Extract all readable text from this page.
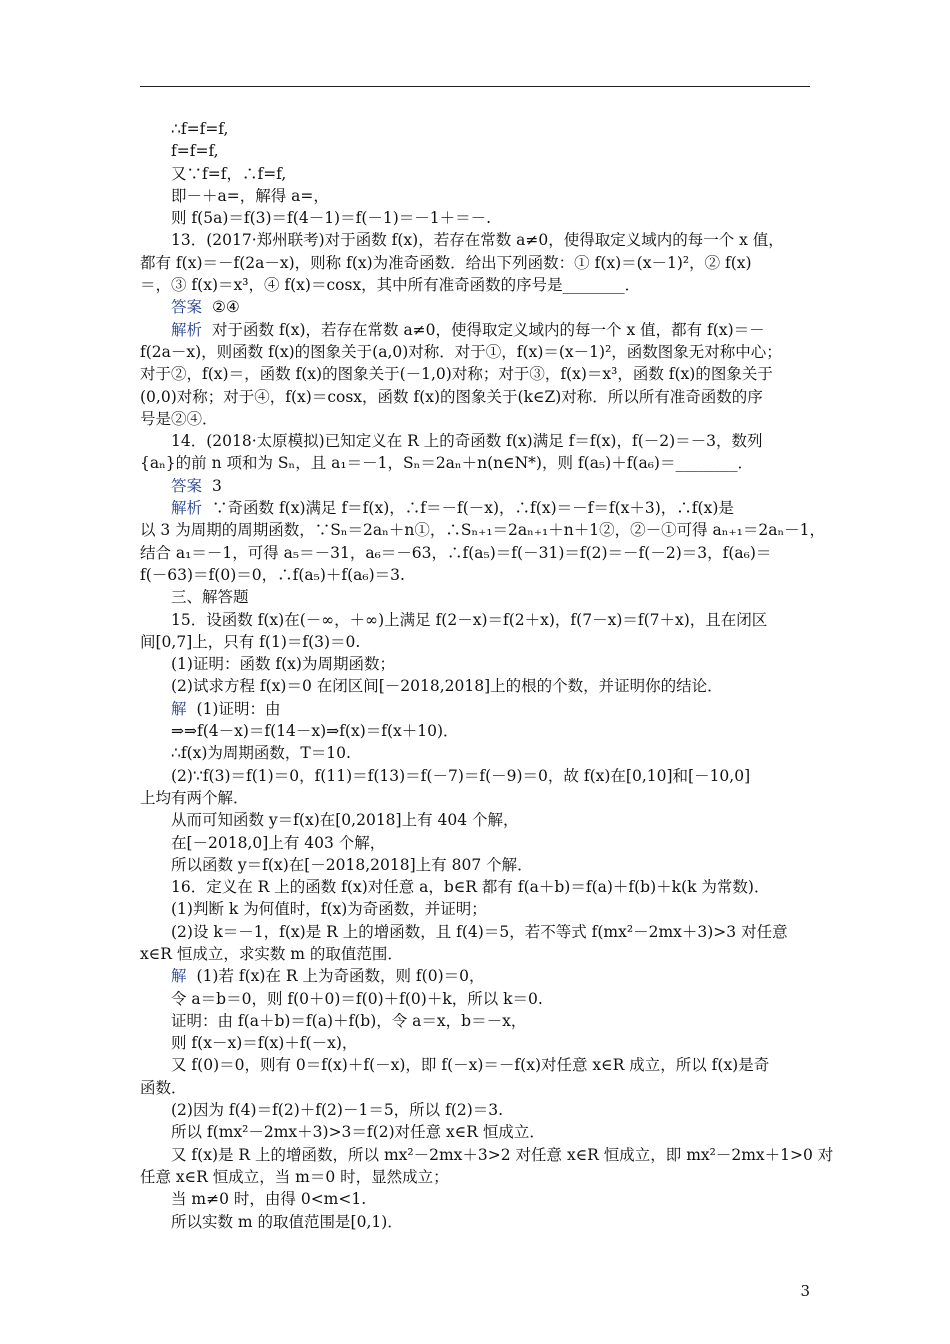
∴f=f=f,
f=f=f,
又∵f=f，∴f=f,
即－＋a=，解得 a=，
则 f(5a)＝f(3)＝f(4－1)＝f(－1)＝－1＋＝－.
13．(2017·郑州联考)对于函数 f(x)，若存在常数 a≠0，使得取定义域内的每一个 x 值，
都有 f(x)＝－f(2a－x)，则称 f(x)为准奇函数．给出下列函数：① f(x)＝(x－1)²，② f(x)
＝，③ f(x)＝x³，④ f(x)＝cosx，其中所有准奇函数的序号是________．
答案 ②④
解析 对于函数 f(x)，若存在常数 a≠0，使得取定义域内的每一个 x 值，都有 f(x)＝－
f(2a－x)，则函数 f(x)的图象关于(a,0)对称．对于①，f(x)＝(x－1)²，函数图象无对称中心；
对于②，f(x)＝，函数 f(x)的图象关于(－1,0)对称；对于③，f(x)＝x³，函数 f(x)的图象关于
(0,0)对称；对于④，f(x)＝cosx，函数 f(x)的图象关于(k∈Z)对称．所以所有准奇函数的序
号是②④．
14．(2018·太原模拟)已知定义在 R 上的奇函数 f(x)满足 f＝f(x)，f(－2)＝－3，数列
{aₙ}的前 n 项和为 Sₙ，且 a₁＝－1，Sₙ＝2aₙ＋n(n∈N*)，则 f(a₅)＋f(a₆)＝________．
答案 3
解析 ∵奇函数 f(x)满足 f＝f(x)，∴f＝－f(－x)，∴f(x)＝－f＝f(x＋3)，∴f(x)是
以 3 为周期的周期函数，∵Sₙ＝2aₙ＋n①，∴Sₙ₊₁＝2aₙ₊₁＋n＋1②，②－①可得 aₙ₊₁＝2aₙ－1，
结合 a₁＝－1，可得 a₅＝－31，a₆＝－63，∴f(a₅)＝f(－31)＝f(2)＝－f(－2)＝3，f(a₆)＝
f(－63)＝f(0)＝0，∴f(a₅)＋f(a₆)＝3.
三、解答题
15．设函数 f(x)在(－∞，＋∞)上满足 f(2－x)＝f(2＋x)，f(7－x)＝f(7＋x)，且在闭区
间[0,7]上，只有 f(1)＝f(3)＝0.
(1)证明：函数 f(x)为周期函数；
(2)试求方程 f(x)＝0 在闭区间[－2018,2018]上的根的个数，并证明你的结论．
解 (1)证明：由
⇒⇒f(4－x)＝f(14－x)⇒f(x)＝f(x＋10)．
∴f(x)为周期函数，T＝10.
(2)∵f(3)＝f(1)＝0，f(11)＝f(13)＝f(－7)＝f(－9)＝0，故 f(x)在[0,10]和[－10,0]
上均有两个解．
从而可知函数 y＝f(x)在[0,2018]上有 404 个解，
在[－2018,0]上有 403 个解，
所以函数 y＝f(x)在[－2018,2018]上有 807 个解．
16．定义在 R 上的函数 f(x)对任意 a，b∈R 都有 f(a＋b)＝f(a)＋f(b)＋k(k 为常数)．
(1)判断 k 为何值时，f(x)为奇函数，并证明；
(2)设 k＝－1，f(x)是 R 上的增函数，且 f(4)＝5，若不等式 f(mx²－2mx＋3)>3 对任意
x∈R 恒成立，求实数 m 的取值范围．
解 (1)若 f(x)在 R 上为奇函数，则 f(0)＝0，
令 a＝b＝0，则 f(0＋0)＝f(0)＋f(0)＋k，所以 k＝0.
证明：由 f(a＋b)＝f(a)＋f(b)，令 a＝x，b＝－x，
则 f(x－x)＝f(x)＋f(－x)，
又 f(0)＝0，则有 0＝f(x)＋f(－x)，即 f(－x)＝－f(x)对任意 x∈R 成立，所以 f(x)是奇
函数．
(2)因为 f(4)＝f(2)＋f(2)－1＝5，所以 f(2)＝3.
所以 f(mx²－2mx＋3)>3＝f(2)对任意 x∈R 恒成立．
又 f(x)是 R 上的增函数，所以 mx²－2mx＋3>2 对任意 x∈R 恒成立，即 mx²－2mx＋1>0 对
任意 x∈R 恒成立，当 m＝0 时，显然成立；
当 m≠0 时，由得 0<m<1.
所以实数 m 的取值范围是[0,1)．
3
